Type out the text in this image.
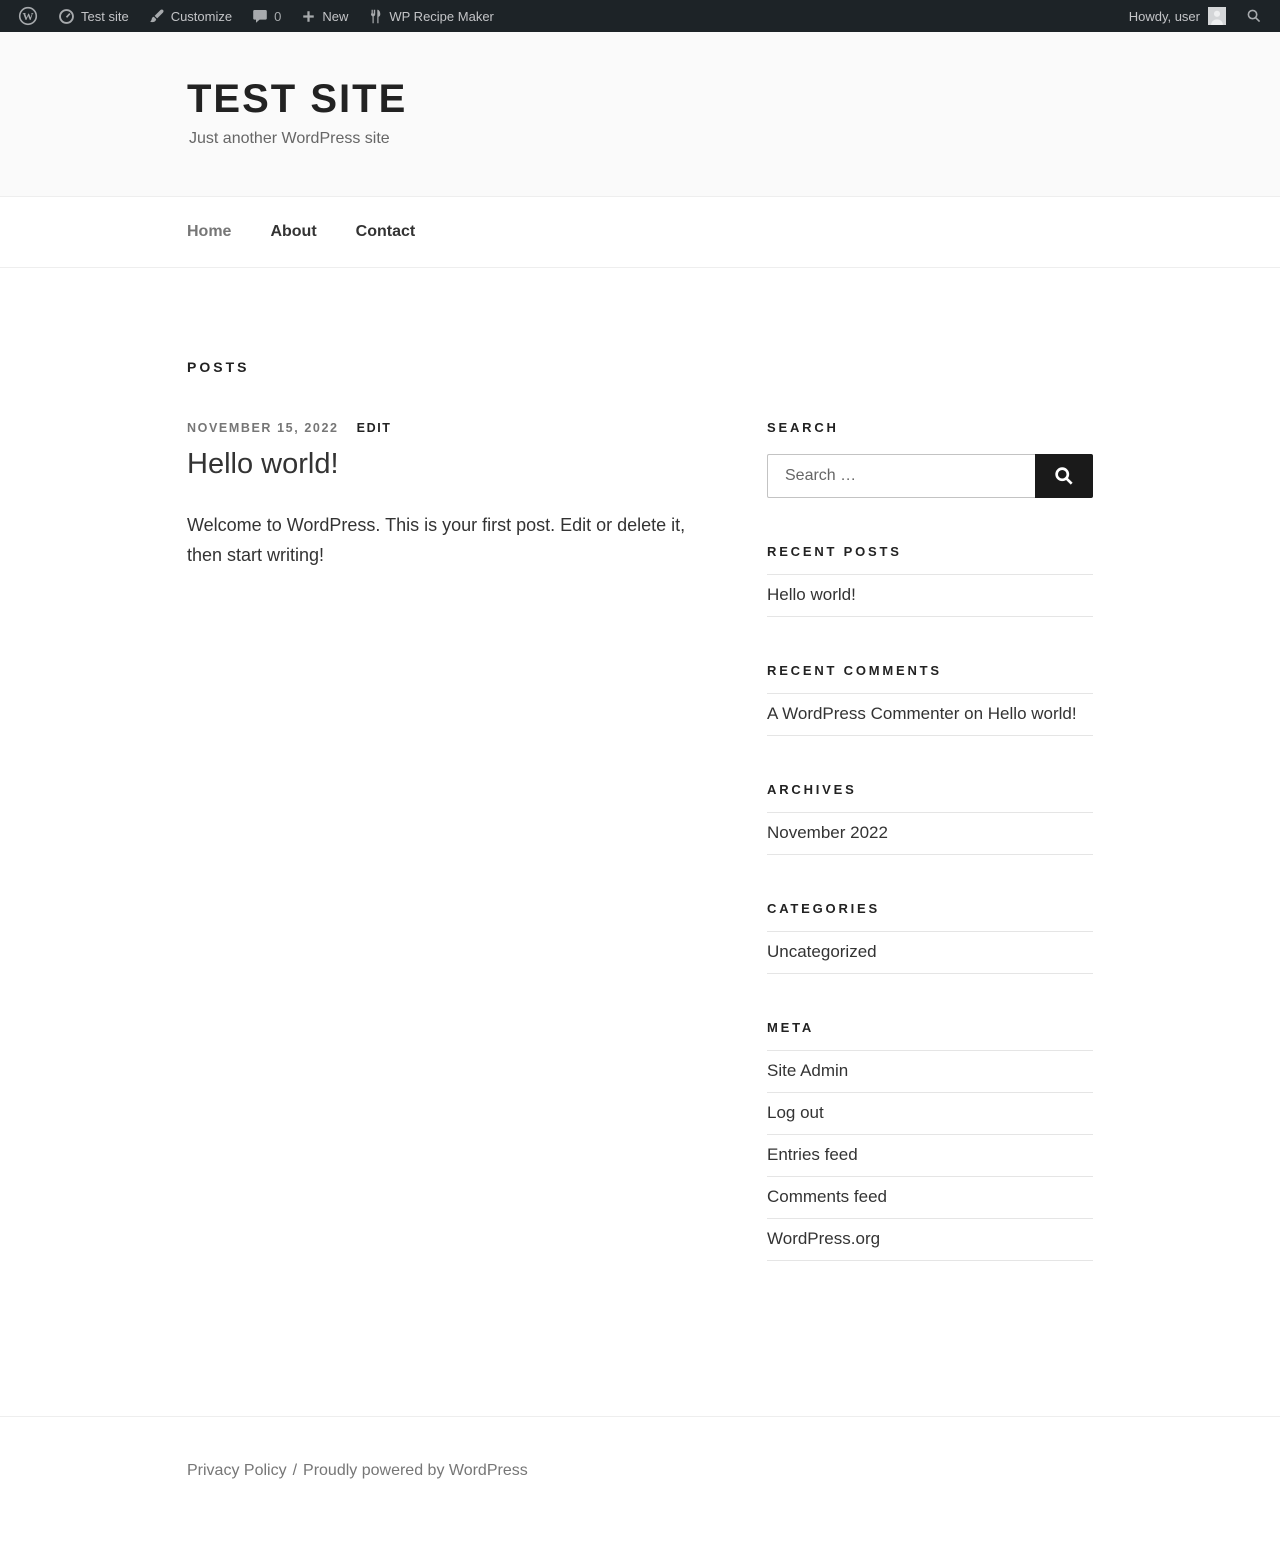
W	Test site	Customize	0	New	WP Recipe Maker	Howdy, user
TEST SITE
Just another WordPress site
Home About Contact
POSTS
NOVEMBER 15, 2022 EDIT
Hello world!

Welcome to WordPress. This is your first post. Edit or delete it, then start writing!

SEARCH
Search …
RECENT POSTS
Hello world!
RECENT COMMENTS
A WordPress Commenter on Hello world!
ARCHIVES
November 2022
CATEGORIES
Uncategorized
META
Site Admin
Log out
Entries feed
Comments feed
WordPress.org
Privacy Policy / Proudly powered by WordPress
